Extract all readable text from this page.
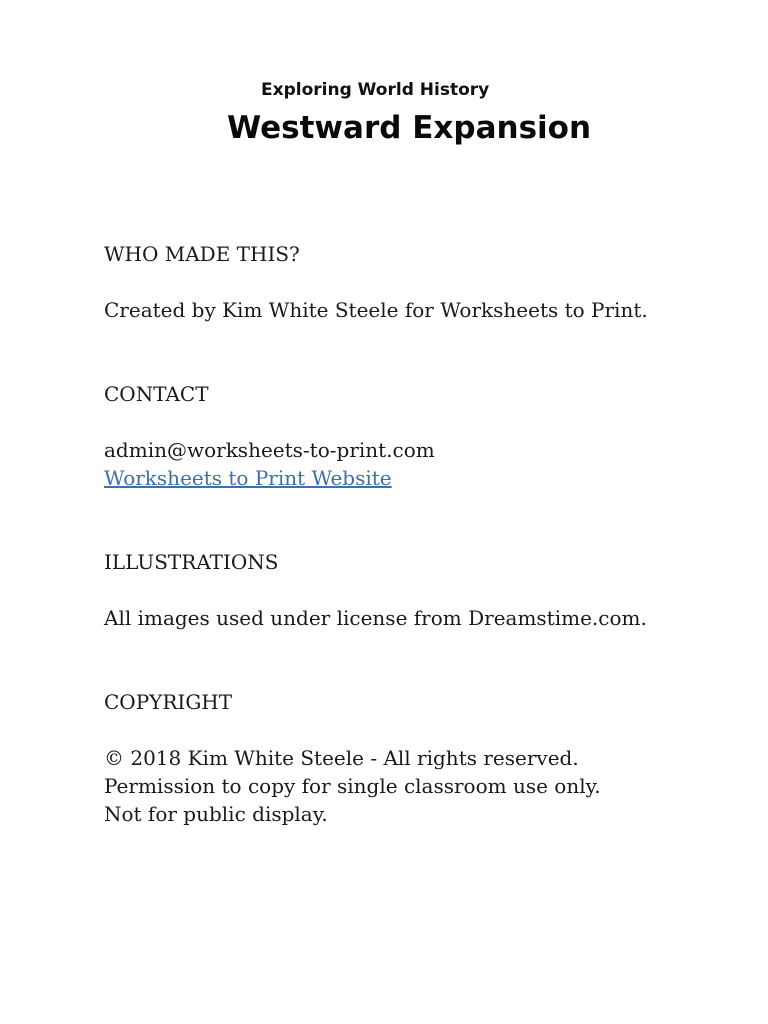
Exploring World History
Westward Expansion
WHO MADE THIS?
Created by Kim White Steele for Worksheets to Print.
CONTACT
admin@worksheets-to-print.com
Worksheets to Print Website
ILLUSTRATIONS
All images used under license from Dreamstime.com.
COPYRIGHT
© 2018 Kim White Steele - All rights reserved.
Permission to copy for single classroom use only.
Not for public display.
